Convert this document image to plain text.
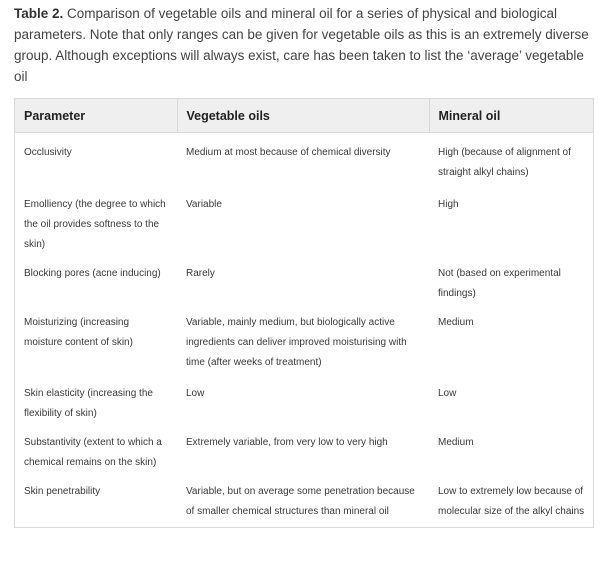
Table 2. Comparison of vegetable oils and mineral oil for a series of physical and biological parameters. Note that only ranges can be given for vegetable oils as this is an extremely diverse group. Although exceptions will always exist, care has been taken to list the ‘average’ vegetable oil
Parameter	Vegetable oils	Mineral oil
Occlusivity	Medium at most because of chemical diversity	High (because of alignment of straight alkyl chains)
Emolliency (the degree to which the oil provides softness to the skin)	Variable	High
Blocking pores (acne inducing)	Rarely	Not (based on experimental findings)
Moisturizing (increasing moisture content of skin)	Variable, mainly medium, but biologically active ingredients can deliver improved moisturising with time (after weeks of treatment)	Medium
Skin elasticity (increasing the flexibility of skin)	Low	Low
Substantivity (extent to which a chemical remains on the skin)	Extremely variable, from very low to very high	Medium
Skin penetrability	Variable, but on average some penetration because of smaller chemical structures than mineral oil	Low to extremely low because of molecular size of the alkyl chains
